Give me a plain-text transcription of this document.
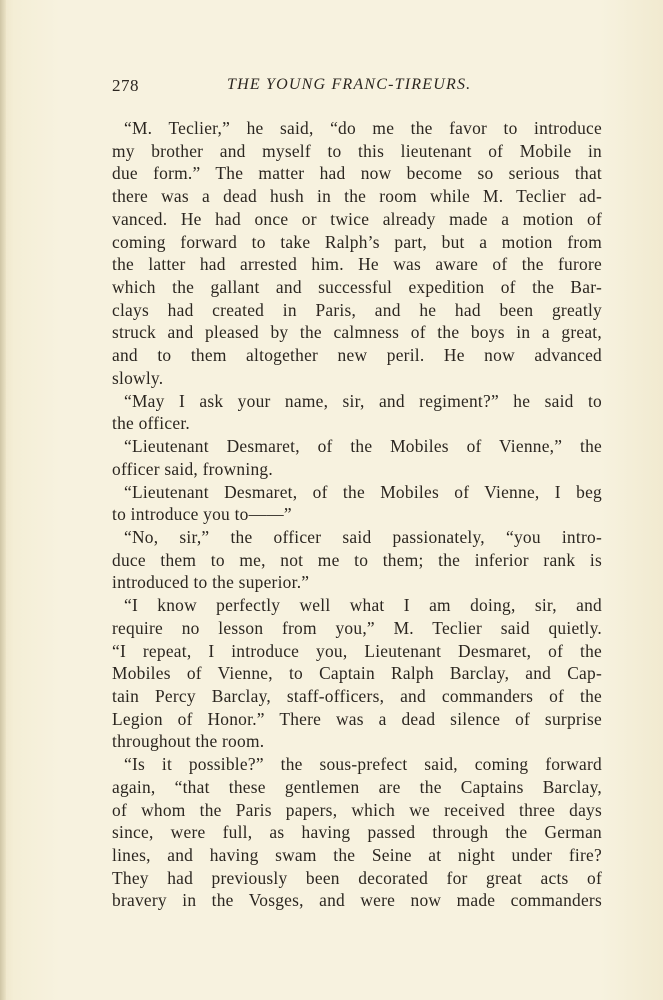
278	THE YOUNG FRANC-TIREURS.
“M. Teclier,” he said, “do me the favor to introduce
my brother and myself to this lieutenant of Mobile in
due form.” The matter had now become so serious that
there was a dead hush in the room while M. Teclier ad-
vanced. He had once or twice already made a motion of
coming forward to take Ralph’s part, but a motion from
the latter had arrested him. He was aware of the furore
which the gallant and successful expedition of the Bar-
clays had created in Paris, and he had been greatly
struck and pleased by the calmness of the boys in a great,
and to them altogether new peril. He now advanced
slowly.
“May I ask your name, sir, and regiment?” he said to
the officer.
“Lieutenant Desmaret, of the Mobiles of Vienne,” the
officer said, frowning.
“Lieutenant Desmaret, of the Mobiles of Vienne, I beg
to introduce you to——”
“No, sir,” the officer said passionately, “you intro-
duce them to me, not me to them; the inferior rank is
introduced to the superior.”
“I know perfectly well what I am doing, sir, and
require no lesson from you,” M. Teclier said quietly.
“I repeat, I introduce you, Lieutenant Desmaret, of the
Mobiles of Vienne, to Captain Ralph Barclay, and Cap-
tain Percy Barclay, staff-officers, and commanders of the
Legion of Honor.” There was a dead silence of surprise
throughout the room.
“Is it possible?” the sous-prefect said, coming forward
again, “that these gentlemen are the Captains Barclay,
of whom the Paris papers, which we received three days
since, were full, as having passed through the German
lines, and having swam the Seine at night under fire?
They had previously been decorated for great acts of
bravery in the Vosges, and were now made commanders
